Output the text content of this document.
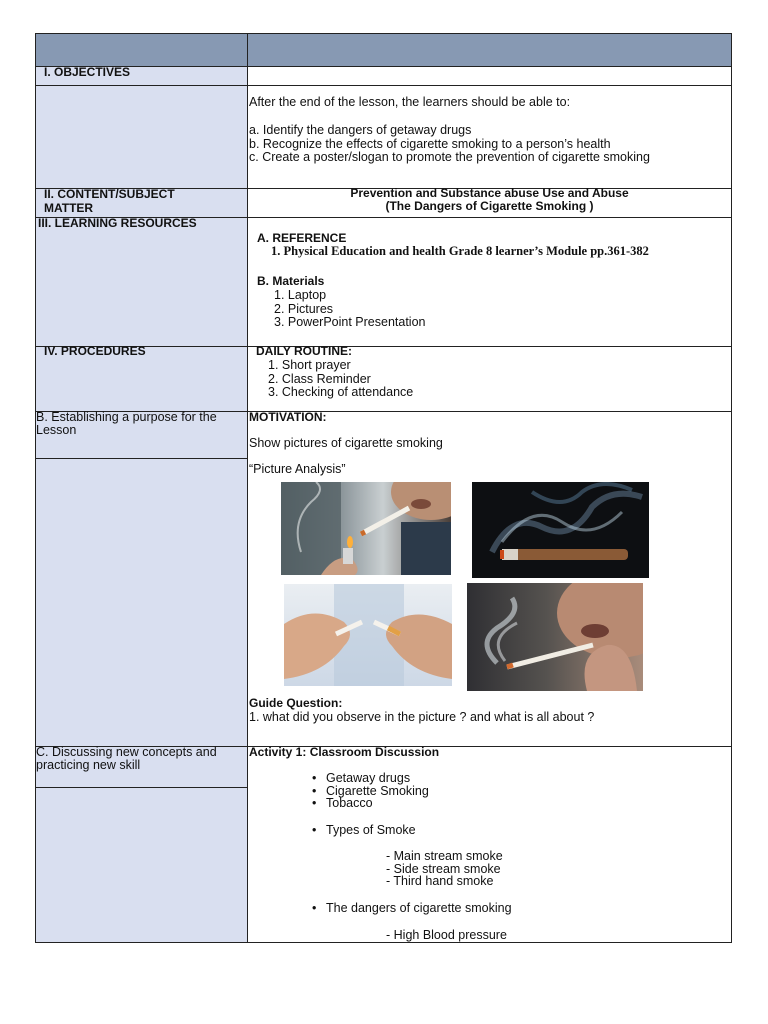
I. OBJECTIVES
After the end of the lesson, the learners should be able to:
a. Identify the dangers of getaway drugs
b. Recognize the effects of cigarette smoking to a person’s health
c. Create a poster/slogan to promote the prevention of cigarette smoking
II. CONTENT/SUBJECT
MATTER
Prevention and Substance abuse Use and Abuse
(The Dangers of Cigarette Smoking )
III. LEARNING RESOURCES
A. REFERENCE
1. Physical Education and health Grade 8 learner’s Module pp.361-382
B. Materials
1. Laptop
2. Pictures
3. PowerPoint Presentation
IV. PROCEDURES	DAILY ROUTINE:
1. Short prayer
2. Class Reminder
3. Checking of attendance
B. Establishing a purpose for the
Lesson
MOTIVATION:
Show pictures of cigarette smoking
“Picture Analysis”
Guide Question:
1. what did you observe in the picture ? and what is all about ?
C. Discussing new concepts and
practicing new skill
Activity 1: Classroom Discussion
• Getaway drugs
• Cigarette Smoking
• Tobacco
• Types of Smoke
- Main stream smoke
- Side stream smoke
- Third hand smoke
• The dangers of cigarette smoking
- High Blood pressure
